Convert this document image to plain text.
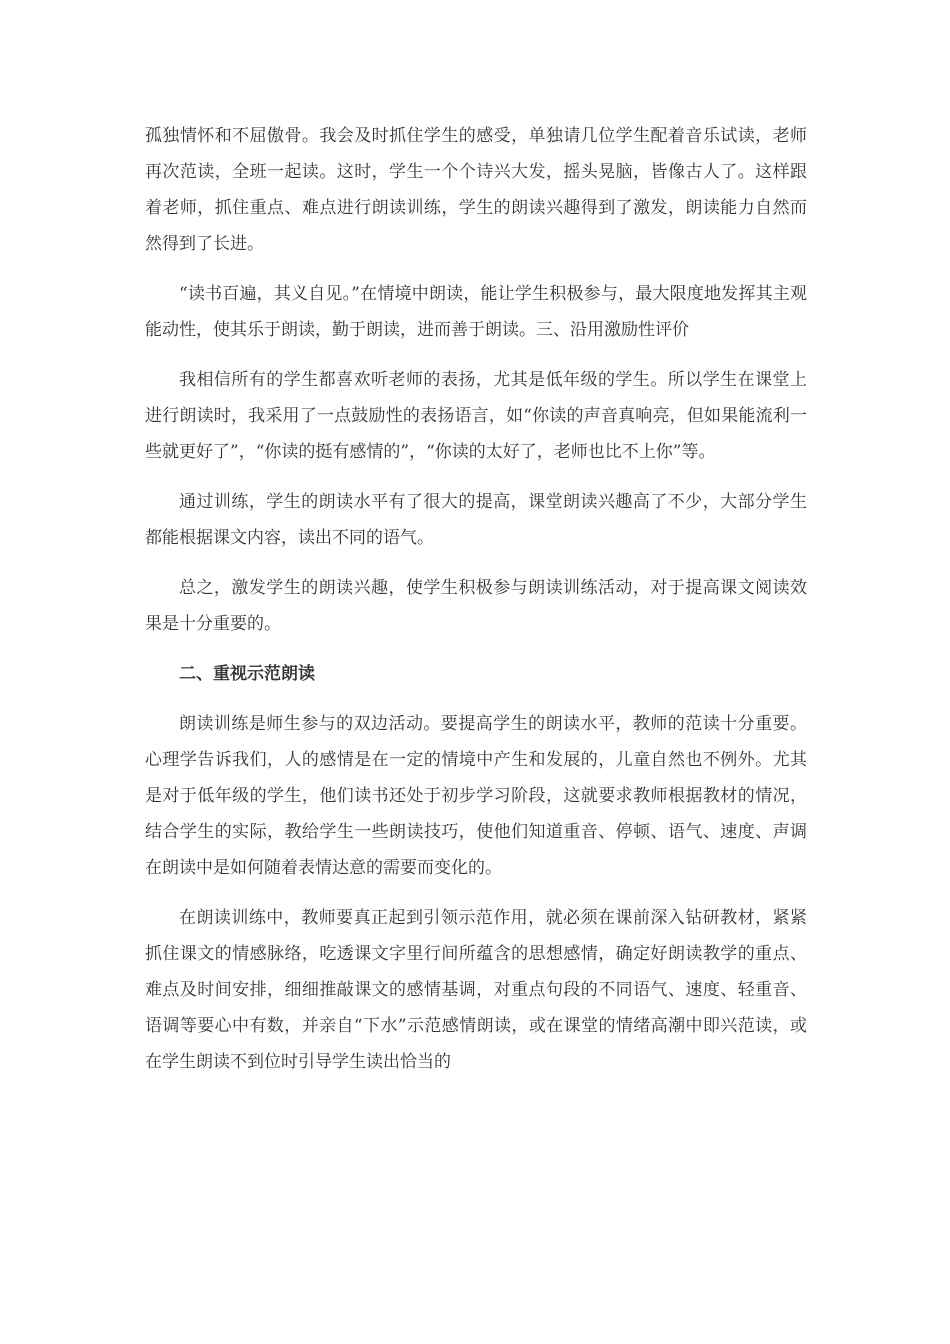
孤独情怀和不屈傲骨。我会及时抓住学生的感受，单独请几位学生配着音乐试读，老师再次范读，全班一起读。这时，学生一个个诗兴大发，摇头晃脑，皆像古人了。这样跟着老师，抓住重点、难点进行朗读训练，学生的朗读兴趣得到了激发，朗读能力自然而然得到了长进。

“读书百遍，其义自见。”在情境中朗读，能让学生积极参与，最大限度地发挥其主观能动性，使其乐于朗读，勤于朗读，进而善于朗读。三、沿用激励性评价

我相信所有的学生都喜欢听老师的表扬，尤其是低年级的学生。所以学生在课堂上进行朗读时，我采用了一点鼓励性的表扬语言，如“你读的声音真响亮，但如果能流利一些就更好了”，“你读的挺有感情的”，“你读的太好了，老师也比不上你”等。

通过训练，学生的朗读水平有了很大的提高，课堂朗读兴趣高了不少，大部分学生都能根据课文内容，读出不同的语气。

总之，激发学生的朗读兴趣，使学生积极参与朗读训练活动，对于提高课文阅读效果是十分重要的。

二、重视示范朗读

朗读训练是师生参与的双边活动。要提高学生的朗读水平，教师的范读十分重要。心理学告诉我们，人的感情是在一定的情境中产生和发展的，儿童自然也不例外。尤其是对于低年级的学生，他们读书还处于初步学习阶段，这就要求教师根据教材的情况，结合学生的实际，教给学生一些朗读技巧，使他们知道重音、停顿、语气、速度、声调在朗读中是如何随着表情达意的需要而变化的。

在朗读训练中，教师要真正起到引领示范作用，就必须在课前深入钻研教材，紧紧抓住课文的情感脉络，吃透课文字里行间所蕴含的思想感情，确定好朗读教学的重点、难点及时间安排，细细推敲课文的感情基调，对重点句段的不同语气、速度、轻重音、语调等要心中有数，并亲自“下水”示范感情朗读，或在课堂的情绪高潮中即兴范读，或在学生朗读不到位时引导学生读出恰当的
